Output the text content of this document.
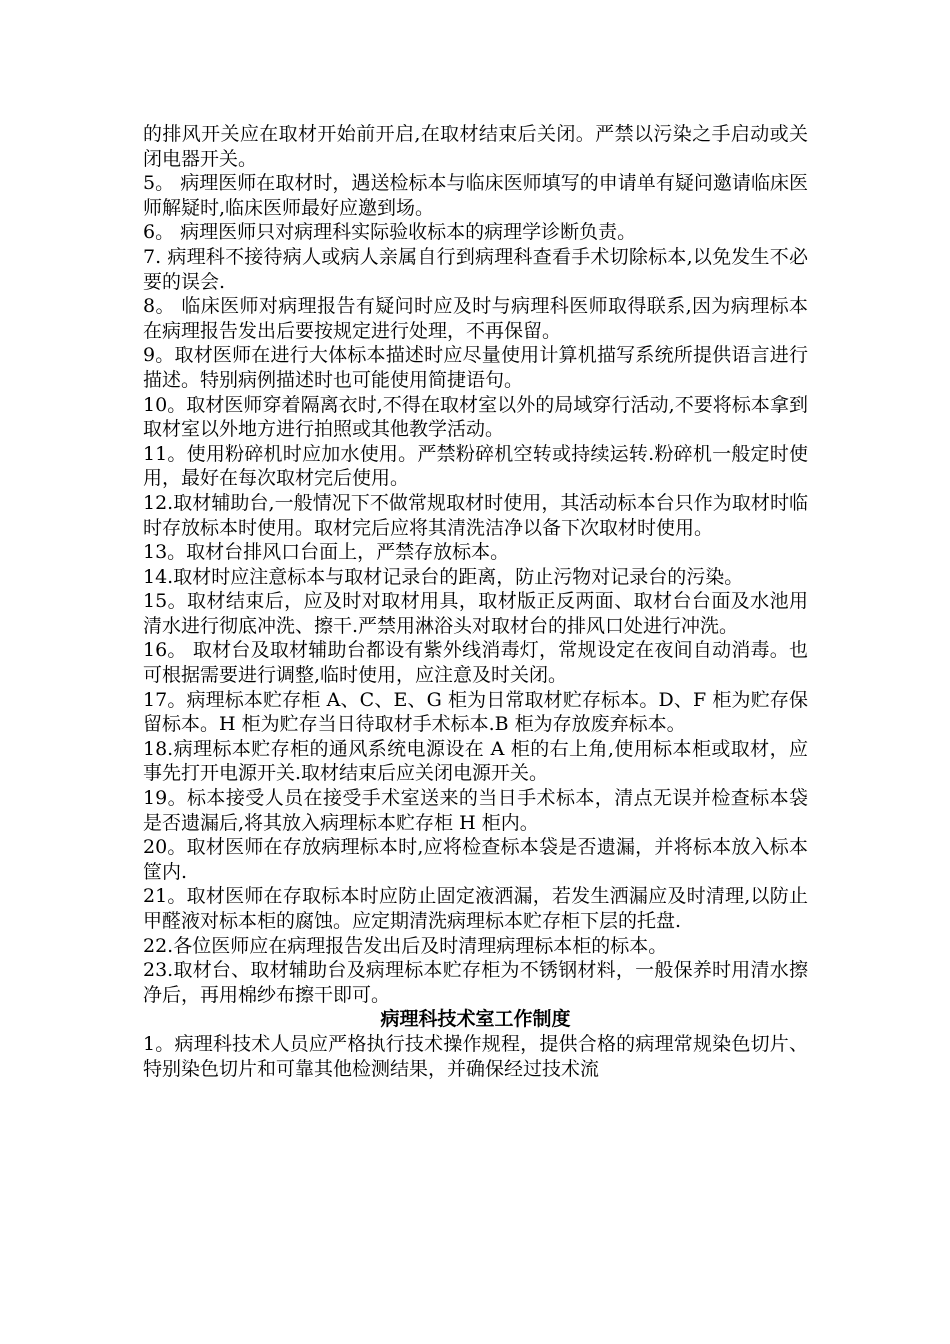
的排风开关应在取材开始前开启,在取材结束后关闭。严禁以污染之手启动或关闭电器开关。

5。 病理医师在取材时，遇送检标本与临床医师填写的申请单有疑问邀请临床医师解疑时,临床医师最好应邀到场。

6。 病理医师只对病理科实际验收标本的病理学诊断负责。

7. 病理科不接待病人或病人亲属自行到病理科查看手术切除标本,以免发生不必要的误会.

8。 临床医师对病理报告有疑问时应及时与病理科医师取得联系,因为病理标本在病理报告发出后要按规定进行处理，不再保留。

9。取材医师在进行大体标本描述时应尽量使用计算机描写系统所提供语言进行描述。特别病例描述时也可能使用简捷语句。

10。取材医师穿着隔离衣时,不得在取材室以外的局域穿行活动,不要将标本拿到取材室以外地方进行拍照或其他教学活动。

11。使用粉碎机时应加水使用。严禁粉碎机空转或持续运转.粉碎机一般定时使用，最好在每次取材完后使用。

12.取材辅助台,一般情况下不做常规取材时使用，其活动标本台只作为取材时临时存放标本时使用。取材完后应将其清洗洁净以备下次取材时使用。

13。取材台排风口台面上，严禁存放标本。

14.取材时应注意标本与取材记录台的距离，防止污物对记录台的污染。

15。取材结束后，应及时对取材用具，取材版正反两面、取材台台面及水池用清水进行彻底冲洗、擦干.严禁用淋浴头对取材台的排风口处进行冲洗。

16。 取材台及取材辅助台都设有紫外线消毒灯，常规设定在夜间自动消毒。也可根据需要进行调整,临时使用，应注意及时关闭。

17。病理标本贮存柜 A、C、E、G 柜为日常取材贮存标本。D、F 柜为贮存保留标本。H 柜为贮存当日待取材手术标本.B 柜为存放废弃标本。

18.病理标本贮存柜的通风系统电源设在 A 柜的右上角,使用标本柜或取材，应事先打开电源开关.取材结束后应关闭电源开关。

19。标本接受人员在接受手术室送来的当日手术标本，清点无误并检查标本袋是否遗漏后,将其放入病理标本贮存柜 H 柜内。

20。取材医师在存放病理标本时,应将检查标本袋是否遗漏，并将标本放入标本筐内.

21。取材医师在存取标本时应防止固定液洒漏，若发生洒漏应及时清理,以防止甲醛液对标本柜的腐蚀。应定期清洗病理标本贮存柜下层的托盘.

22.各位医师应在病理报告发出后及时清理病理标本柜的标本。

23.取材台、取材辅助台及病理标本贮存柜为不锈钢材料，一般保养时用清水擦净后，再用棉纱布擦干即可。

病理科技术室工作制度

1。病理科技术人员应严格执行技术操作规程，提供合格的病理常规染色切片、特别染色切片和可靠其他检测结果，并确保经过技术流
